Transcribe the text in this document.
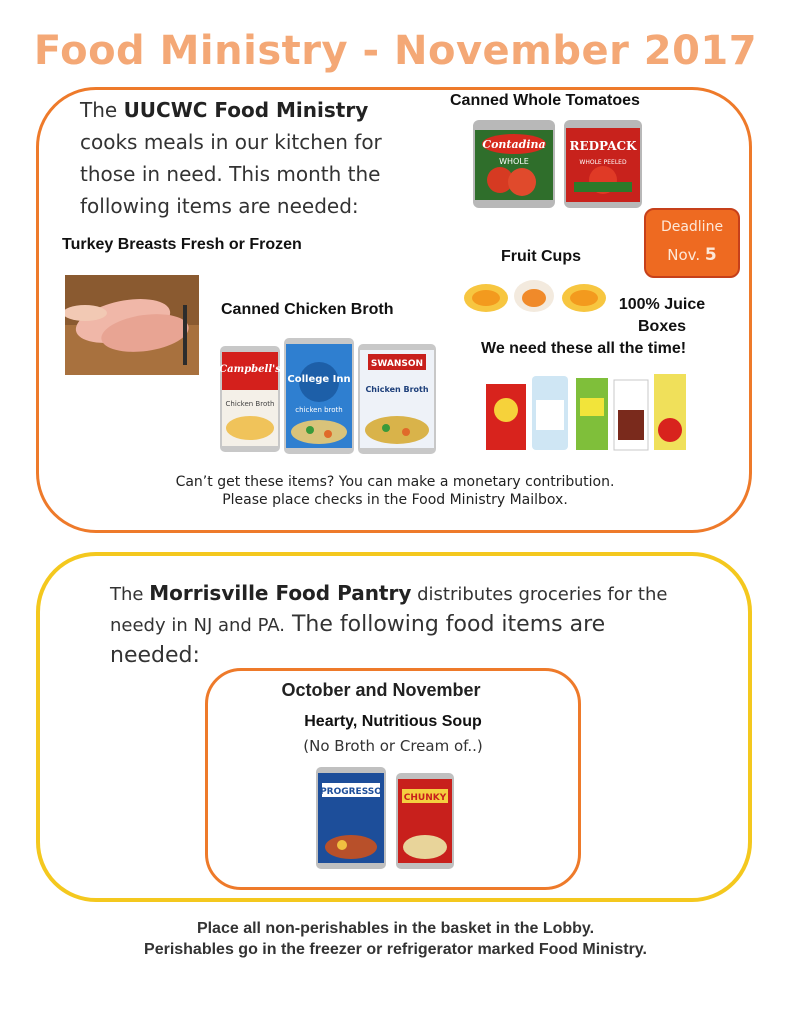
Food Ministry - November 2017
The UUCWC Food Ministry
cooks meals in our kitchen for those in need. This month the following items are needed:
Canned Whole Tomatoes
Contadina
WHOLE
REDPACK
WHOLE PEELED
Deadline
Nov. 5
Turkey Breasts Fresh or Frozen
Canned Chicken Broth
Campbell's
Chicken Broth
College Inn
chicken broth
SWANSON
Chicken Broth
Fruit Cups
100% Juice
Boxes
We need these all the time!
Can’t get these items? You can make a monetary contribution.
Please place checks in the Food Ministry Mailbox.
The Morrisville Food Pantry distributes groceries for the needy in NJ and PA. The following food items are needed:
October and November
Hearty, Nutritious Soup
(No Broth or Cream of..)
PROGRESSO
CHUNKY
Place all non-perishables in the basket in the Lobby.
Perishables go in the freezer or refrigerator marked Food Ministry.
